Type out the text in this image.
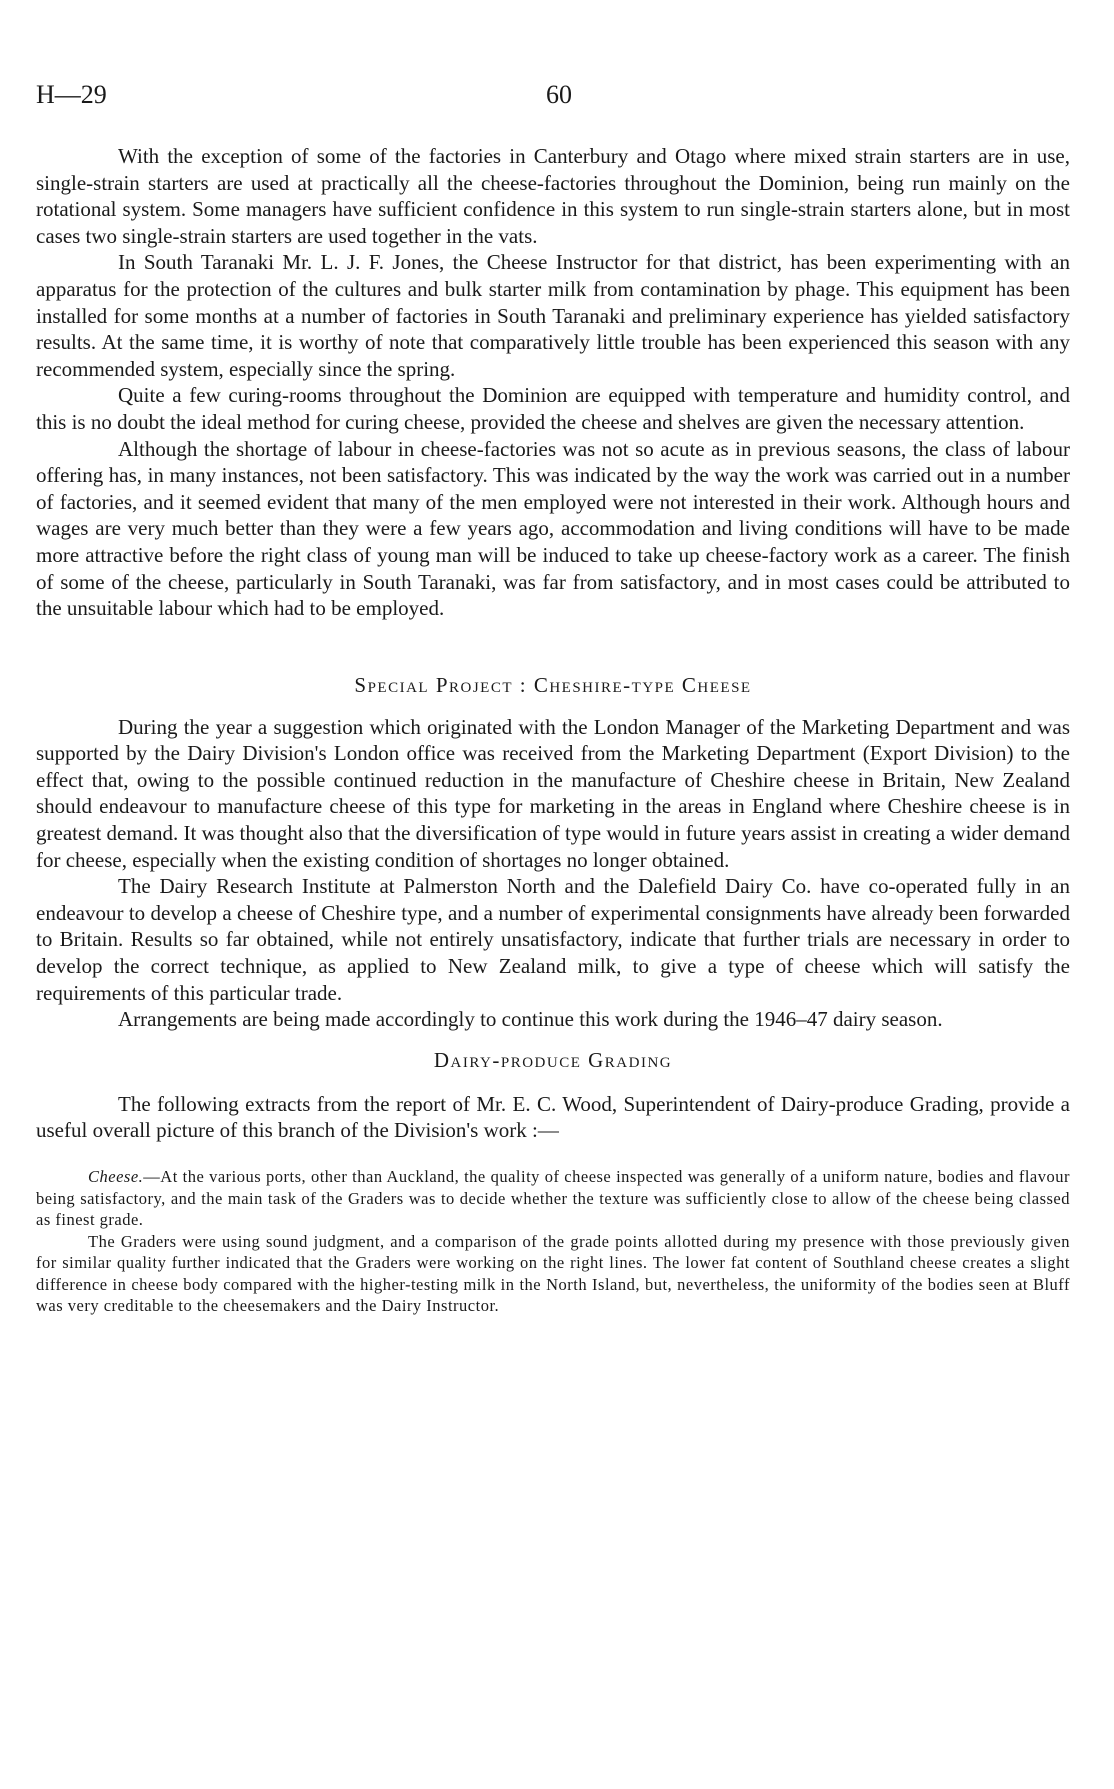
H—29	60

With the exception of some of the factories in Canterbury and Otago where mixed strain starters are in use, single-strain starters are used at practically all the cheese-factories throughout the Dominion, being run mainly on the rotational system. Some managers have sufficient confidence in this system to run single-strain starters alone, but in most cases two single-strain starters are used together in the vats.

In South Taranaki Mr. L. J. F. Jones, the Cheese Instructor for that district, has been experimenting with an apparatus for the protection of the cultures and bulk starter milk from contamination by phage. This equipment has been installed for some months at a number of factories in South Taranaki and preliminary experience has yielded satisfactory results. At the same time, it is worthy of note that comparatively little trouble has been experienced this season with any recommended system, especially since the spring.

Quite a few curing-rooms throughout the Dominion are equipped with temperature and humidity control, and this is no doubt the ideal method for curing cheese, provided the cheese and shelves are given the necessary attention.

Although the shortage of labour in cheese-factories was not so acute as in previous seasons, the class of labour offering has, in many instances, not been satisfactory. This was indicated by the way the work was carried out in a number of factories, and it seemed evident that many of the men employed were not interested in their work. Although hours and wages are very much better than they were a few years ago, accommodation and living conditions will have to be made more attractive before the right class of young man will be induced to take up cheese-factory work as a career. The finish of some of the cheese, particularly in South Taranaki, was far from satisfactory, and in most cases could be attributed to the unsuitable labour which had to be employed.

Special Project : Cheshire-type Cheese

During the year a suggestion which originated with the London Manager of the Marketing Department and was supported by the Dairy Division's London office was received from the Marketing Department (Export Division) to the effect that, owing to the possible continued reduction in the manufacture of Cheshire cheese in Britain, New Zealand should endeavour to manufacture cheese of this type for marketing in the areas in England where Cheshire cheese is in greatest demand. It was thought also that the diversification of type would in future years assist in creating a wider demand for cheese, especially when the existing condition of shortages no longer obtained.

The Dairy Research Institute at Palmerston North and the Dalefield Dairy Co. have co-operated fully in an endeavour to develop a cheese of Cheshire type, and a number of experimental consignments have already been forwarded to Britain. Results so far obtained, while not entirely unsatisfactory, indicate that further trials are necessary in order to develop the correct technique, as applied to New Zealand milk, to give a type of cheese which will satisfy the requirements of this particular trade.

Arrangements are being made accordingly to continue this work during the 1946–47 dairy season.

Dairy-produce Grading

The following extracts from the report of Mr. E. C. Wood, Superintendent of Dairy-produce Grading, provide a useful overall picture of this branch of the Division's work :—

Cheese.—At the various ports, other than Auckland, the quality of cheese inspected was generally of a uniform nature, bodies and flavour being satisfactory, and the main task of the Graders was to decide whether the texture was sufficiently close to allow of the cheese being classed as finest grade.

The Graders were using sound judgment, and a comparison of the grade points allotted during my presence with those previously given for similar quality further indicated that the Graders were working on the right lines. The lower fat content of Southland cheese creates a slight difference in cheese body compared with the higher-testing milk in the North Island, but, nevertheless, the uniformity of the bodies seen at Bluff was very creditable to the cheesemakers and the Dairy Instructor.
